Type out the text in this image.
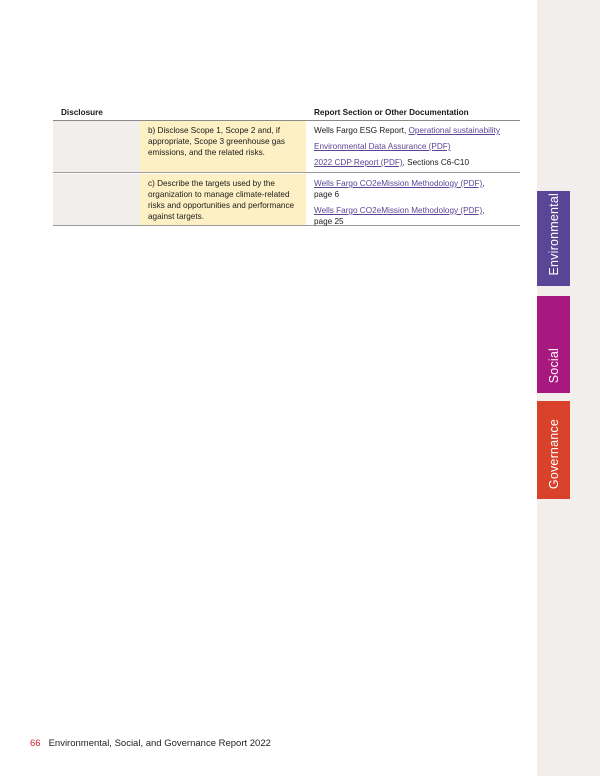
Environmental
Social
Governance
Disclosure	Report Section or Other Documentation
b) Disclose Scope 1, Scope 2 and, if appropriate, Scope 3 greenhouse gas emissions, and the related risks.
Wells Fargo ESG Report, Operational sustainability
Environmental Data Assurance (PDF)
2022 CDP Report (PDF), Sections C6-C10
c) Describe the targets used by the organization to manage climate-related risks and opportunities and performance against targets.
Wells Fargo CO2eMission Methodology (PDF),
page 6
Wells Fargo CO2eMission Methodology (PDF),
page 25
66 Environmental, Social, and Governance Report 2022
